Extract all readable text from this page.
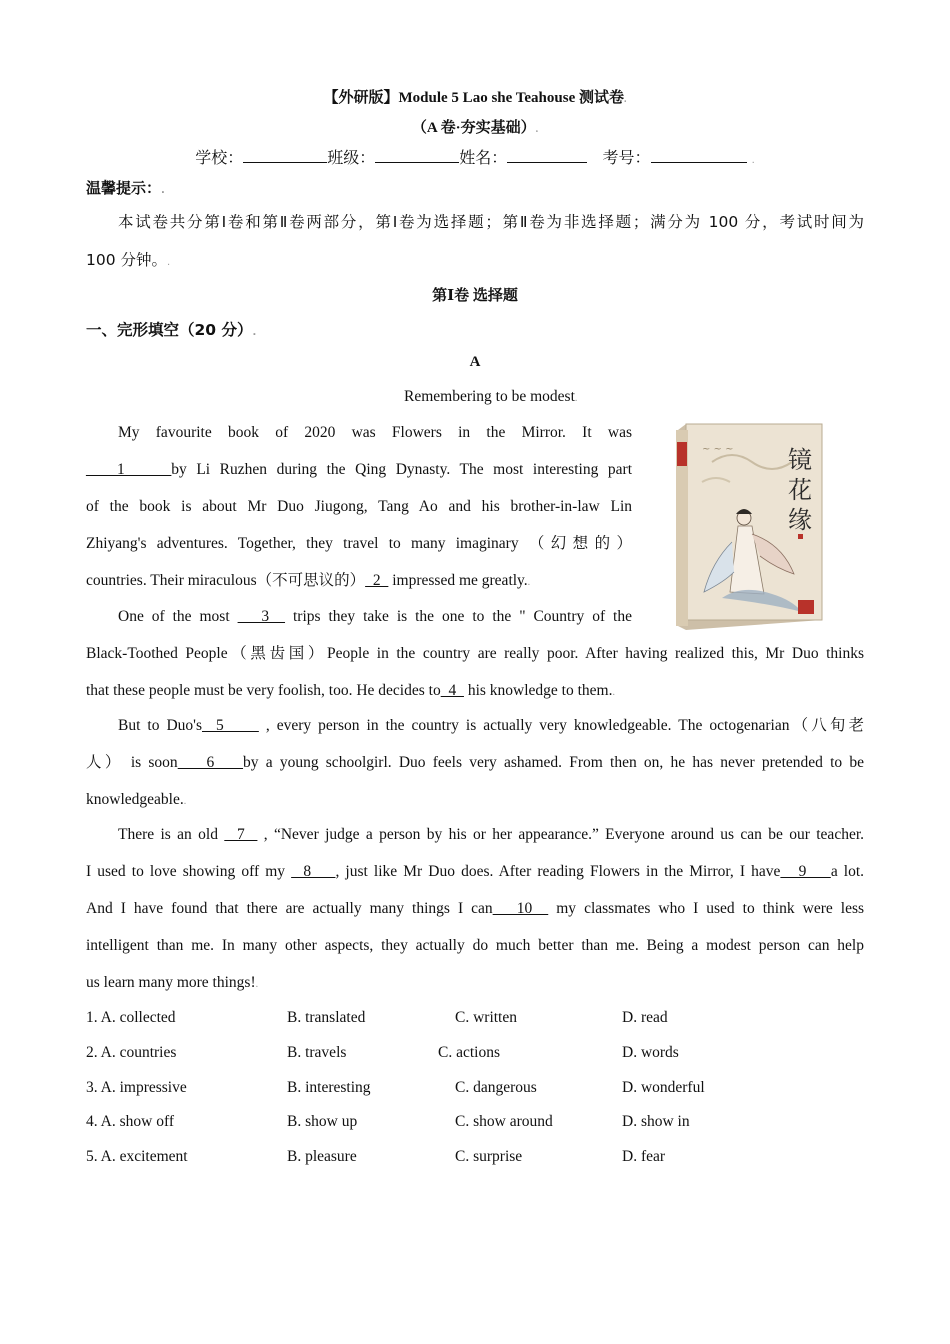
【外研版】Module 5 Lao she Teahouse 测试卷.
（A 卷·夯实基础）.
学校：	班级：	姓名：	考号：	.
温馨提示：.
本试卷共分第Ⅰ卷和第Ⅱ卷两部分，第Ⅰ卷为选择题；第Ⅱ卷为非选择题；满分为 100 分，考试时间为
100 分钟。.
第Ⅰ卷 选择题
一、完形填空（20 分）.
A
Remembering to be modest.
My favourite book of 2020 was Flowers in the Mirror. It was
____1______by Li Ruzhen during the Qing Dynasty. The most interesting part
of the book is about Mr Duo Jiugong, Tang Ao and his brother-in-law Lin
Zhiyang's adventures. Together, they travel to many imaginary （幻想的）
countries. Their miraculous（不可思议的）  2   impressed me greatly..
One of the most    3   trips they take is the one to the " Country of the
Black-Toothed People（黑齿国）People in the country are really poor. After having realized this, Mr Duo thinks
that these people must be very foolish, too. He decides to  4   his knowledge to them..
But to Duo's  5      , every person in the country is actually very knowledgeable. The octogenarian（八旬老
人） is soon    6    by a young schoolgirl. Duo feels very ashamed. From then on, he has never pretended to be
knowledgeable..
There is an old   7   , “Never judge a person by his or her appearance.” Everyone around us can be our teacher.
I used to love showing off my   8    , just like Mr Duo does. After reading Flowers in the Mirror, I have   9    a lot.
And I have found that there are actually many things I can   10   my classmates who I used to think were less
intelligent than me. In many other aspects, they actually do much better than me. Being a modest person can help
us learn many more things!.
1. A. collected	B. translated	C. written	D. read
2. A. countries	B. travels	C. actions	D. words
3. A. impressive	B. interesting	C. dangerous	D. wonderful
4. A. show off	B. show up	C. show around	D. show in
5. A. excitement	B. pleasure	C. surprise	D. fear
~ ~ ~ 镜
花
缘
